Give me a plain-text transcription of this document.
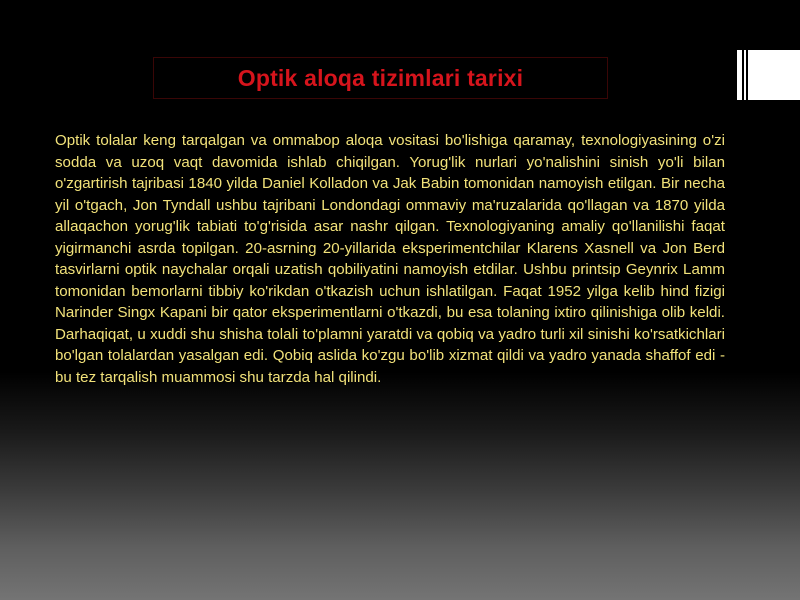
Optik aloqa tizimlari tarixi

Optik tolalar keng tarqalgan va ommabop aloqa vositasi bo'lishiga qaramay, texnologiyasining o'zi sodda va uzoq vaqt davomida ishlab chiqilgan. Yorug'lik nurlari yo'nalishini sinish yo'li bilan o'zgartirish tajribasi 1840 yilda Daniel Kolladon va Jak Babin tomonidan namoyish etilgan. Bir necha yil o'tgach, Jon Tyndall ushbu tajribani Londondagi ommaviy ma'ruzalarida qo'llagan va 1870 yilda allaqachon yorug'lik tabiati to'g'risida asar nashr qilgan. Texnologiyaning amaliy qo'llanilishi faqat yigirmanchi asrda topilgan. 20-asrning 20-yillarida eksperimentchilar Klarens Xasnell va Jon Berd tasvirlarni optik naychalar orqali uzatish qobiliyatini namoyish etdilar. Ushbu printsip Geynrix Lamm tomonidan bemorlarni tibbiy ko'rikdan o'tkazish uchun ishlatilgan. Faqat 1952 yilga kelib hind fizigi Narinder Singx Kapani bir qator eksperimentlarni o'tkazdi, bu esa tolaning ixtiro qilinishiga olib keldi. Darhaqiqat, u xuddi shu shisha tolali to'plamni yaratdi va qobiq va yadro turli xil sinishi ko'rsatkichlari bo'lgan tolalardan yasalgan edi. Qobiq aslida ko'zgu bo'lib xizmat qildi va yadro yanada shaffof edi - bu tez tarqalish muammosi shu tarzda hal qilindi.
